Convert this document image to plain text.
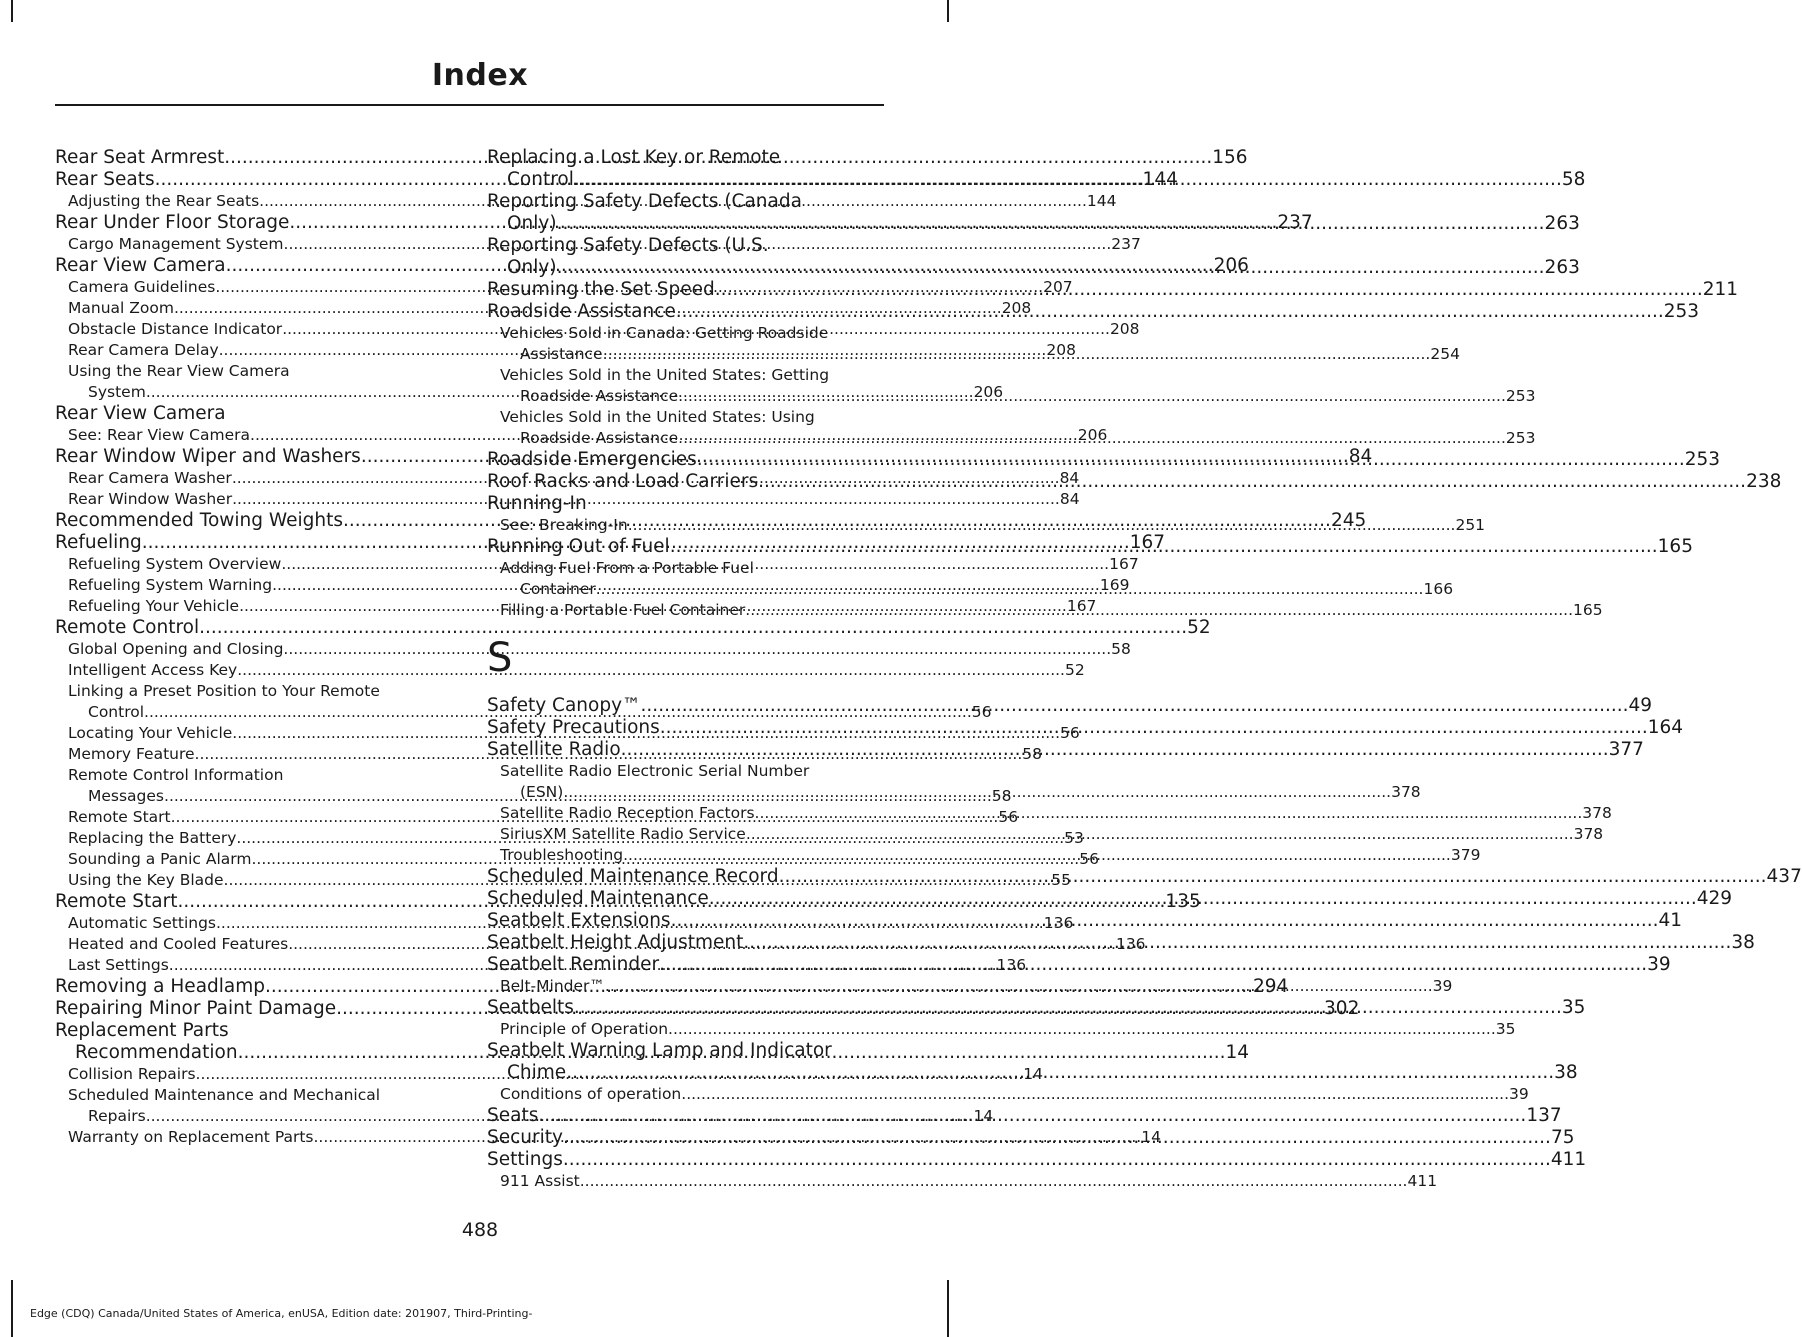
Index
Rear Seat Armrest .....	156
Rear Seats .....	144
Adjusting the Rear Seats .....	144
Rear Under Floor Storage .....	237
Cargo Management System .....	237
Rear View Camera .....	206
Camera Guidelines .....	207
Manual Zoom .....	208
Obstacle Distance Indicator .....	208
Rear Camera Delay .....	208
Using the Rear View Camera
System .....	206
Rear View Camera
See: Rear View Camera .....	206
Rear Window Wiper and Washers .....	84
Rear Camera Washer .....	84
Rear Window Washer .....	84
Recommended Towing Weights .....	245
Refueling .....	167
Refueling System Overview .....	167
Refueling System Warning .....	169
Refueling Your Vehicle .....	167
Remote Control .....	52
Global Opening and Closing .....	58
Intelligent Access Key .....	52
Linking a Preset Position to Your Remote
Control .....	56
Locating Your Vehicle .....	56
Memory Feature .....	58
Remote Control Information
Messages .....	58
Remote Start .....	56
Replacing the Battery .....	53
Sounding a Panic Alarm .....	56
Using the Key Blade .....	55
Remote Start .....	135
Automatic Settings .....	136
Heated and Cooled Features .....	136
Last Settings .....	136
Removing a Headlamp .....	294
Repairing Minor Paint Damage .....	302
Replacement Parts
Recommendation .....	14
Collision Repairs .....	14
Scheduled Maintenance and Mechanical
Repairs .....	14
Warranty on Replacement Parts .....	14
Replacing a Lost Key or Remote
Control .....	58
Reporting Safety Defects (Canada
Only) .....	263
Reporting Safety Defects (U.S.
Only) .....	263
Resuming the Set Speed .....	211
Roadside Assistance .....	253
Vehicles Sold in Canada: Getting Roadside
Assistance .....	254
Vehicles Sold in the United States: Getting
Roadside Assistance .....	253
Vehicles Sold in the United States: Using
Roadside Assistance .....	253
Roadside Emergencies .....	253
Roof Racks and Load Carriers .....	238
Running-In
See: Breaking-In .....	251
Running Out of Fuel .....	165
Adding Fuel From a Portable Fuel
Container .....	166
Filling a Portable Fuel Container .....	165
S
Safety Canopy™ .....	49
Safety Precautions .....	164
Satellite Radio .....	377
Satellite Radio Electronic Serial Number
(ESN) .....	378
Satellite Radio Reception Factors .....	378
SiriusXM Satellite Radio Service .....	378
Troubleshooting .....	379
Scheduled Maintenance Record .....	437
Scheduled Maintenance .....	429
Seatbelt Extensions .....	41
Seatbelt Height Adjustment .....	38
Seatbelt Reminder .....	39
Belt-Minder™ .....	39
Seatbelts .....	35
Principle of Operation .....	35
Seatbelt Warning Lamp and Indicator
Chime .....	38
Conditions of operation .....	39
Seats .....	137
Security .....	75
Settings .....	411
911 Assist .....	411
488
Edge (CDQ) Canada/United States of America, enUSA, Edition date: 201907, Third-Printing-
